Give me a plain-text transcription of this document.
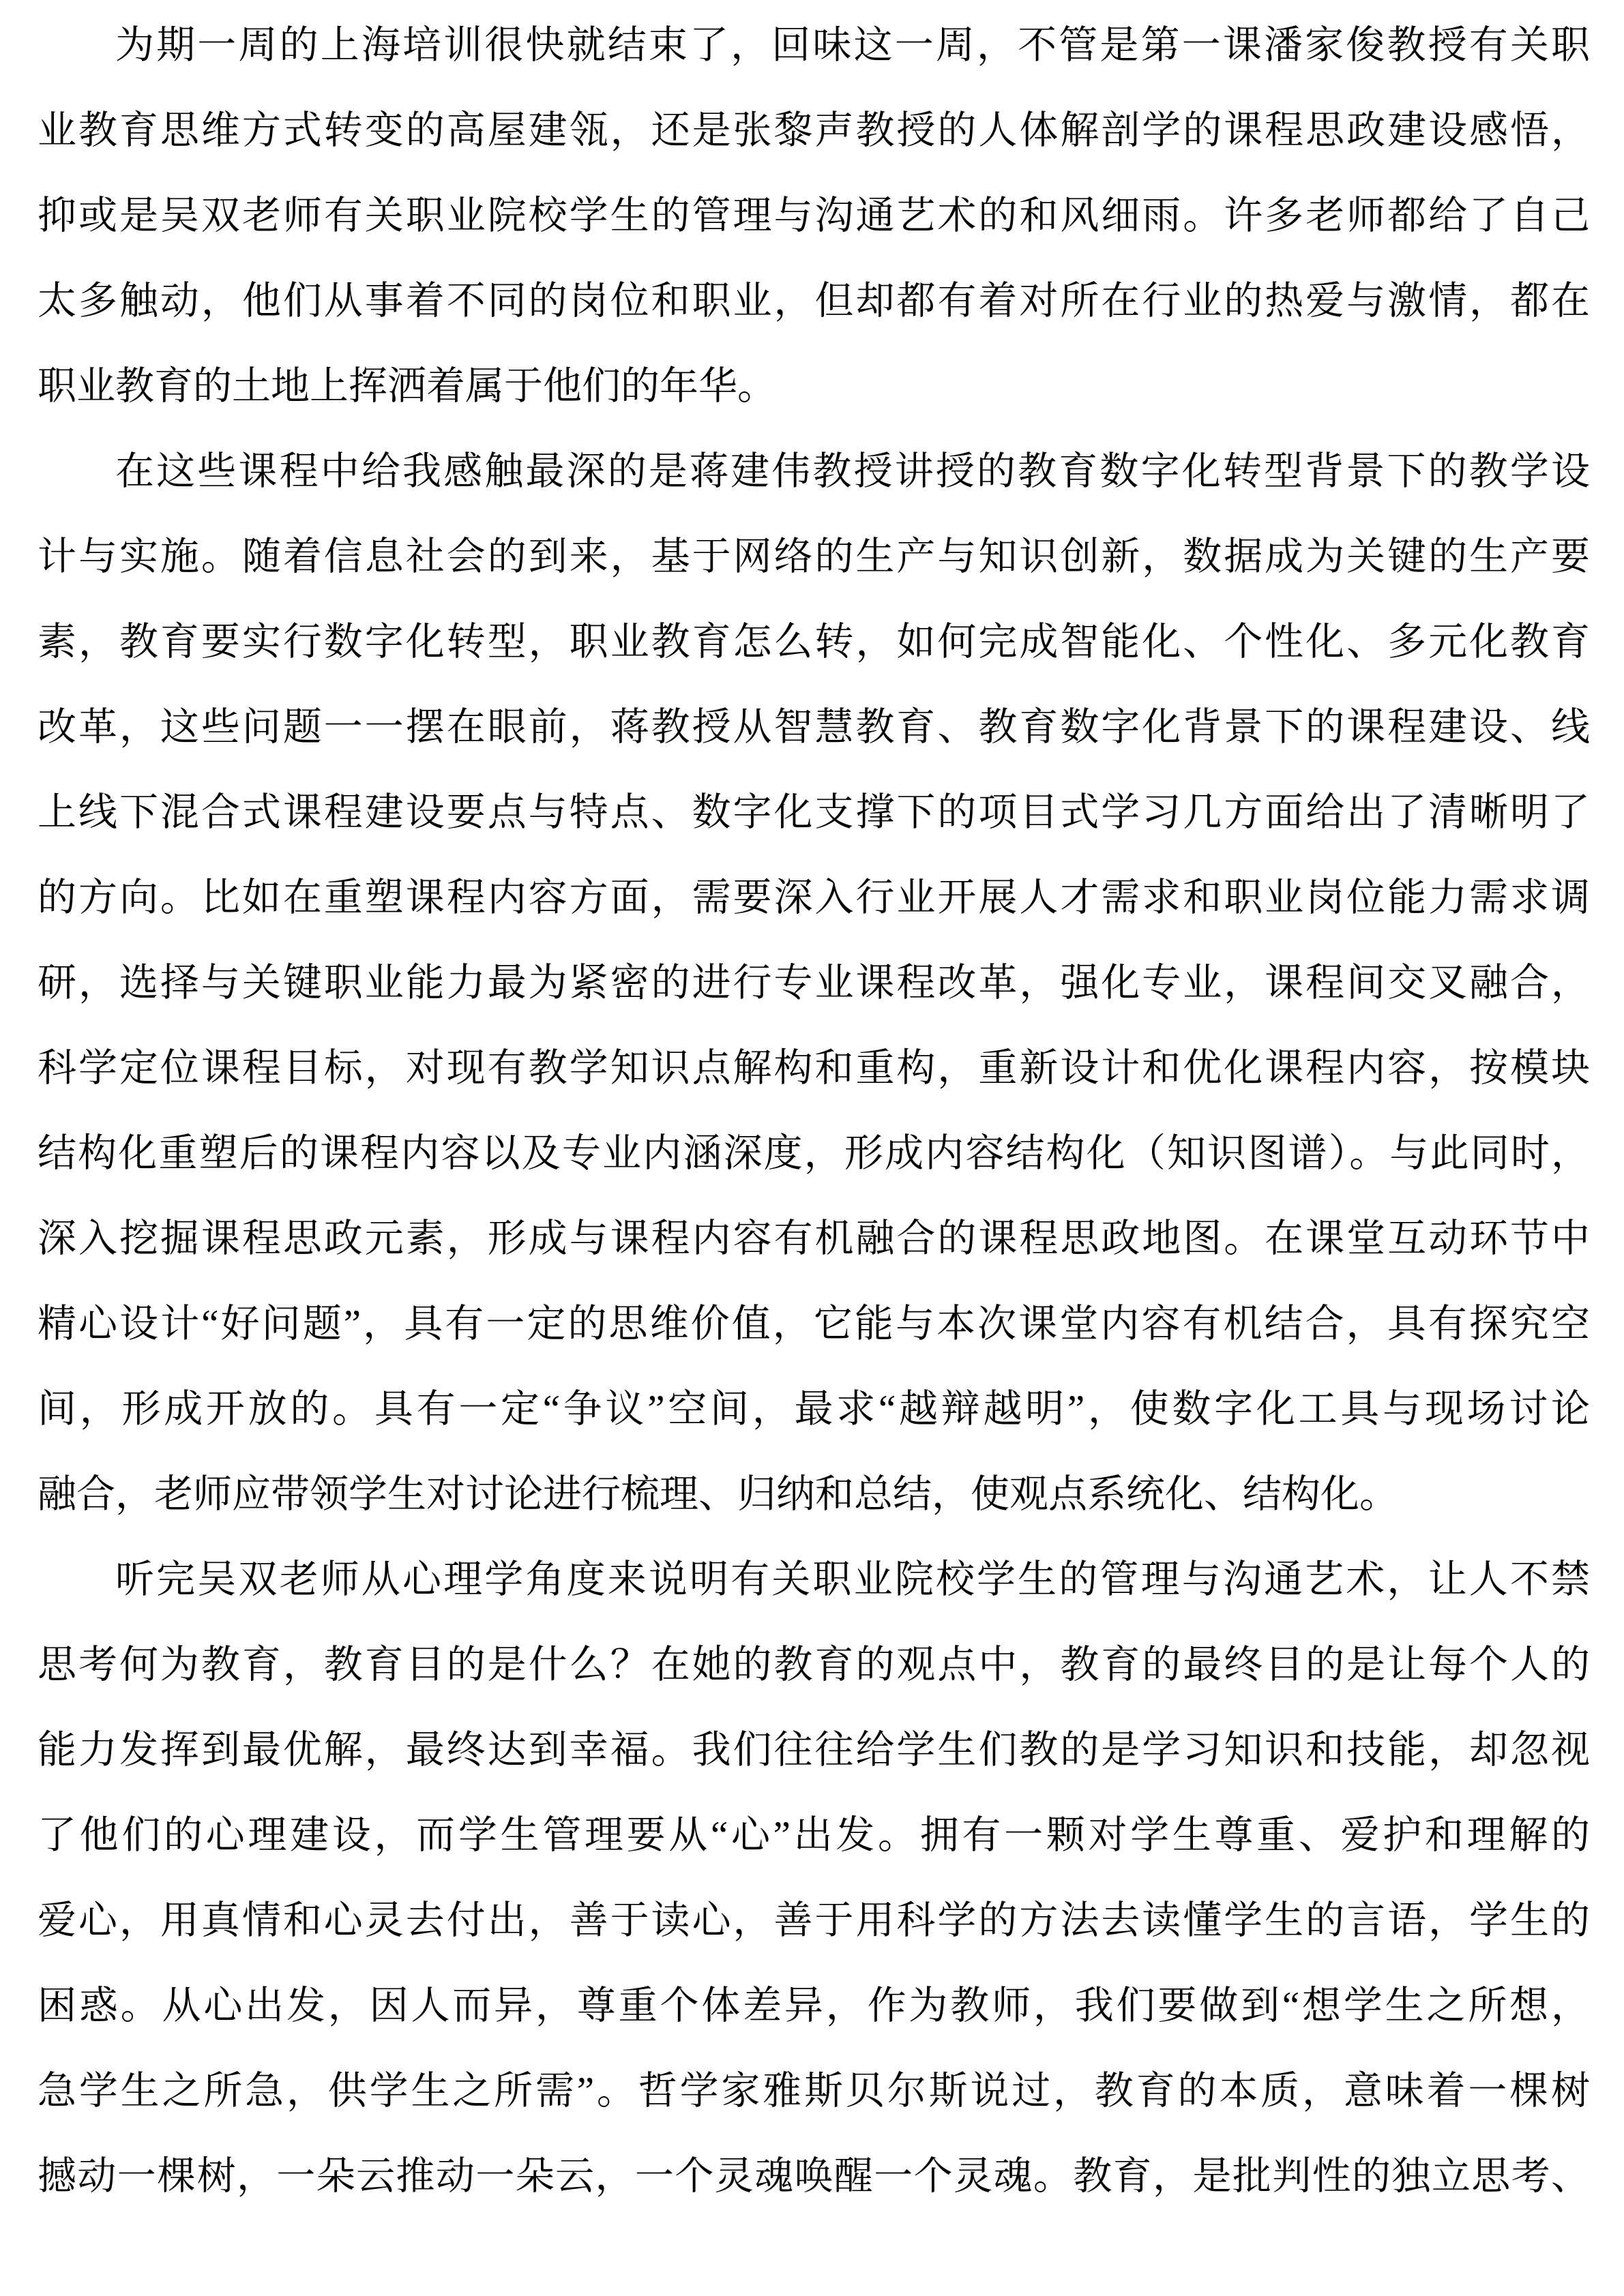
为期一周的上海培训很快就结束了，回味这一周，不管是第一课潘家俊教授有关职
业教育思维方式转变的高屋建瓴，还是张黎声教授的人体解剖学的课程思政建设感悟，
抑或是吴双老师有关职业院校学生的管理与沟通艺术的和风细雨。许多老师都给了自己
太多触动，他们从事着不同的岗位和职业，但却都有着对所在行业的热爱与激情，都在
职业教育的土地上挥洒着属于他们的年华。
在这些课程中给我感触最深的是蒋建伟教授讲授的教育数字化转型背景下的教学设
计与实施。随着信息社会的到来，基于网络的生产与知识创新，数据成为关键的生产要
素，教育要实行数字化转型，职业教育怎么转，如何完成智能化、个性化、多元化教育
改革，这些问题一一摆在眼前，蒋教授从智慧教育、教育数字化背景下的课程建设、线
上线下混合式课程建设要点与特点、数字化支撑下的项目式学习几方面给出了清晰明了
的方向。比如在重塑课程内容方面，需要深入行业开展人才需求和职业岗位能力需求调
研，选择与关键职业能力最为紧密的进行专业课程改革，强化专业，课程间交叉融合，
科学定位课程目标，对现有教学知识点解构和重构，重新设计和优化课程内容，按模块
结构化重塑后的课程内容以及专业内涵深度，形成内容结构化（知识图谱）。与此同时，
深入挖掘课程思政元素，形成与课程内容有机融合的课程思政地图。在课堂互动环节中
精心设计“好问题”，具有一定的思维价值，它能与本次课堂内容有机结合，具有探究空
间，形成开放的。具有一定“争议”空间，最求“越辩越明”，使数字化工具与现场讨论
融合，老师应带领学生对讨论进行梳理、归纳和总结，使观点系统化、结构化。
听完吴双老师从心理学角度来说明有关职业院校学生的管理与沟通艺术，让人不禁
思考何为教育，教育目的是什么？在她的教育的观点中，教育的最终目的是让每个人的
能力发挥到最优解，最终达到幸福。我们往往给学生们教的是学习知识和技能，却忽视
了他们的心理建设，而学生管理要从“心”出发。拥有一颗对学生尊重、爱护和理解的
爱心，用真情和心灵去付出，善于读心，善于用科学的方法去读懂学生的言语，学生的
困惑。从心出发，因人而异，尊重个体差异，作为教师，我们要做到“想学生之所想，
急学生之所急，供学生之所需”。哲学家雅斯贝尔斯说过，教育的本质，意味着一棵树
撼动一棵树，一朵云推动一朵云，一个灵魂唤醒一个灵魂。教育，是批判性的独立思考、
